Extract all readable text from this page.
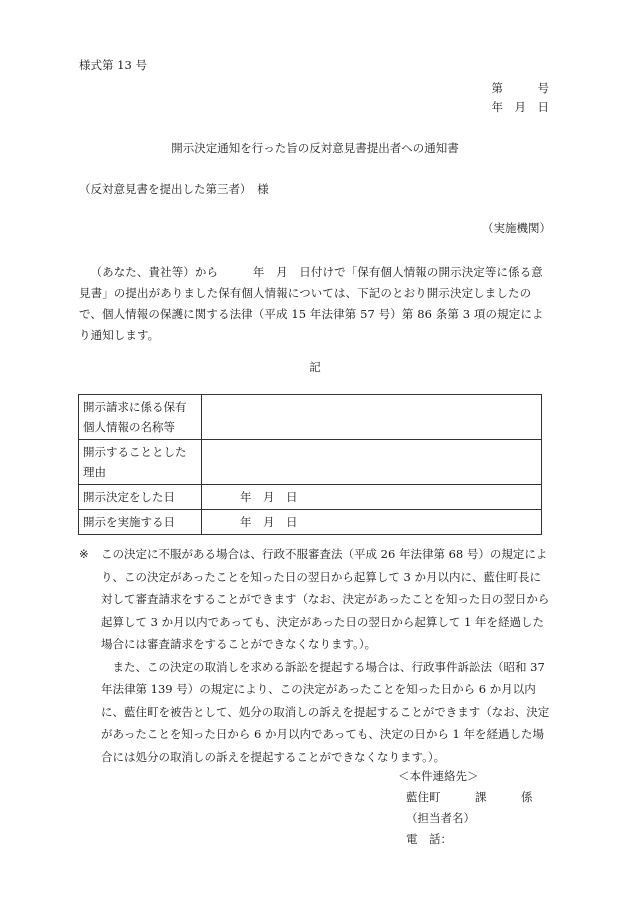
様式第 13 号
第　　　号
年　月　日
開示決定通知を行った旨の反対意見書提出者への通知書
（反対意見書を提出した第三者）　様
（実施機関）
（あなた、貴社等）から　　　年　月　日付けで「保有個人情報の開示決定等に係る意見書」の提出がありました保有個人情報については、下記のとおり開示決定しましたので、個人情報の保護に関する法律（平成 15 年法律第 57 号）第 86 条第 3 項の規定により通知します。
記
開示請求に係る保有個人情報の名称等	
開示することとした理由	
開示決定をした日	年　月　日
開示を実施する日	年　月　日
※ この決定に不服がある場合は、行政不服審査法（平成 26 年法律第 68 号）の規定により、この決定があったことを知った日の翌日から起算して 3 か月以内に、藍住町長に対して審査請求をすることができます（なお、決定があったことを知った日の翌日から起算して 3 か月以内であっても、決定があった日の翌日から起算して 1 年を経過した場合には審査請求をすることができなくなります。）。
また、この決定の取消しを求める訴訟を提起する場合は、行政事件訴訟法（昭和 37 年法律第 139 号）の規定により、この決定があったことを知った日から 6 か月以内に、藍住町を被告として、処分の取消しの訴えを提起することができます（なお、決定があったことを知った日から 6 か月以内であっても、決定の日から 1 年を経過した場合には処分の取消しの訴えを提起することができなくなります。）。
＜本件連絡先＞
藍住町　　　課　　　係
（担当者名）
電　話：
